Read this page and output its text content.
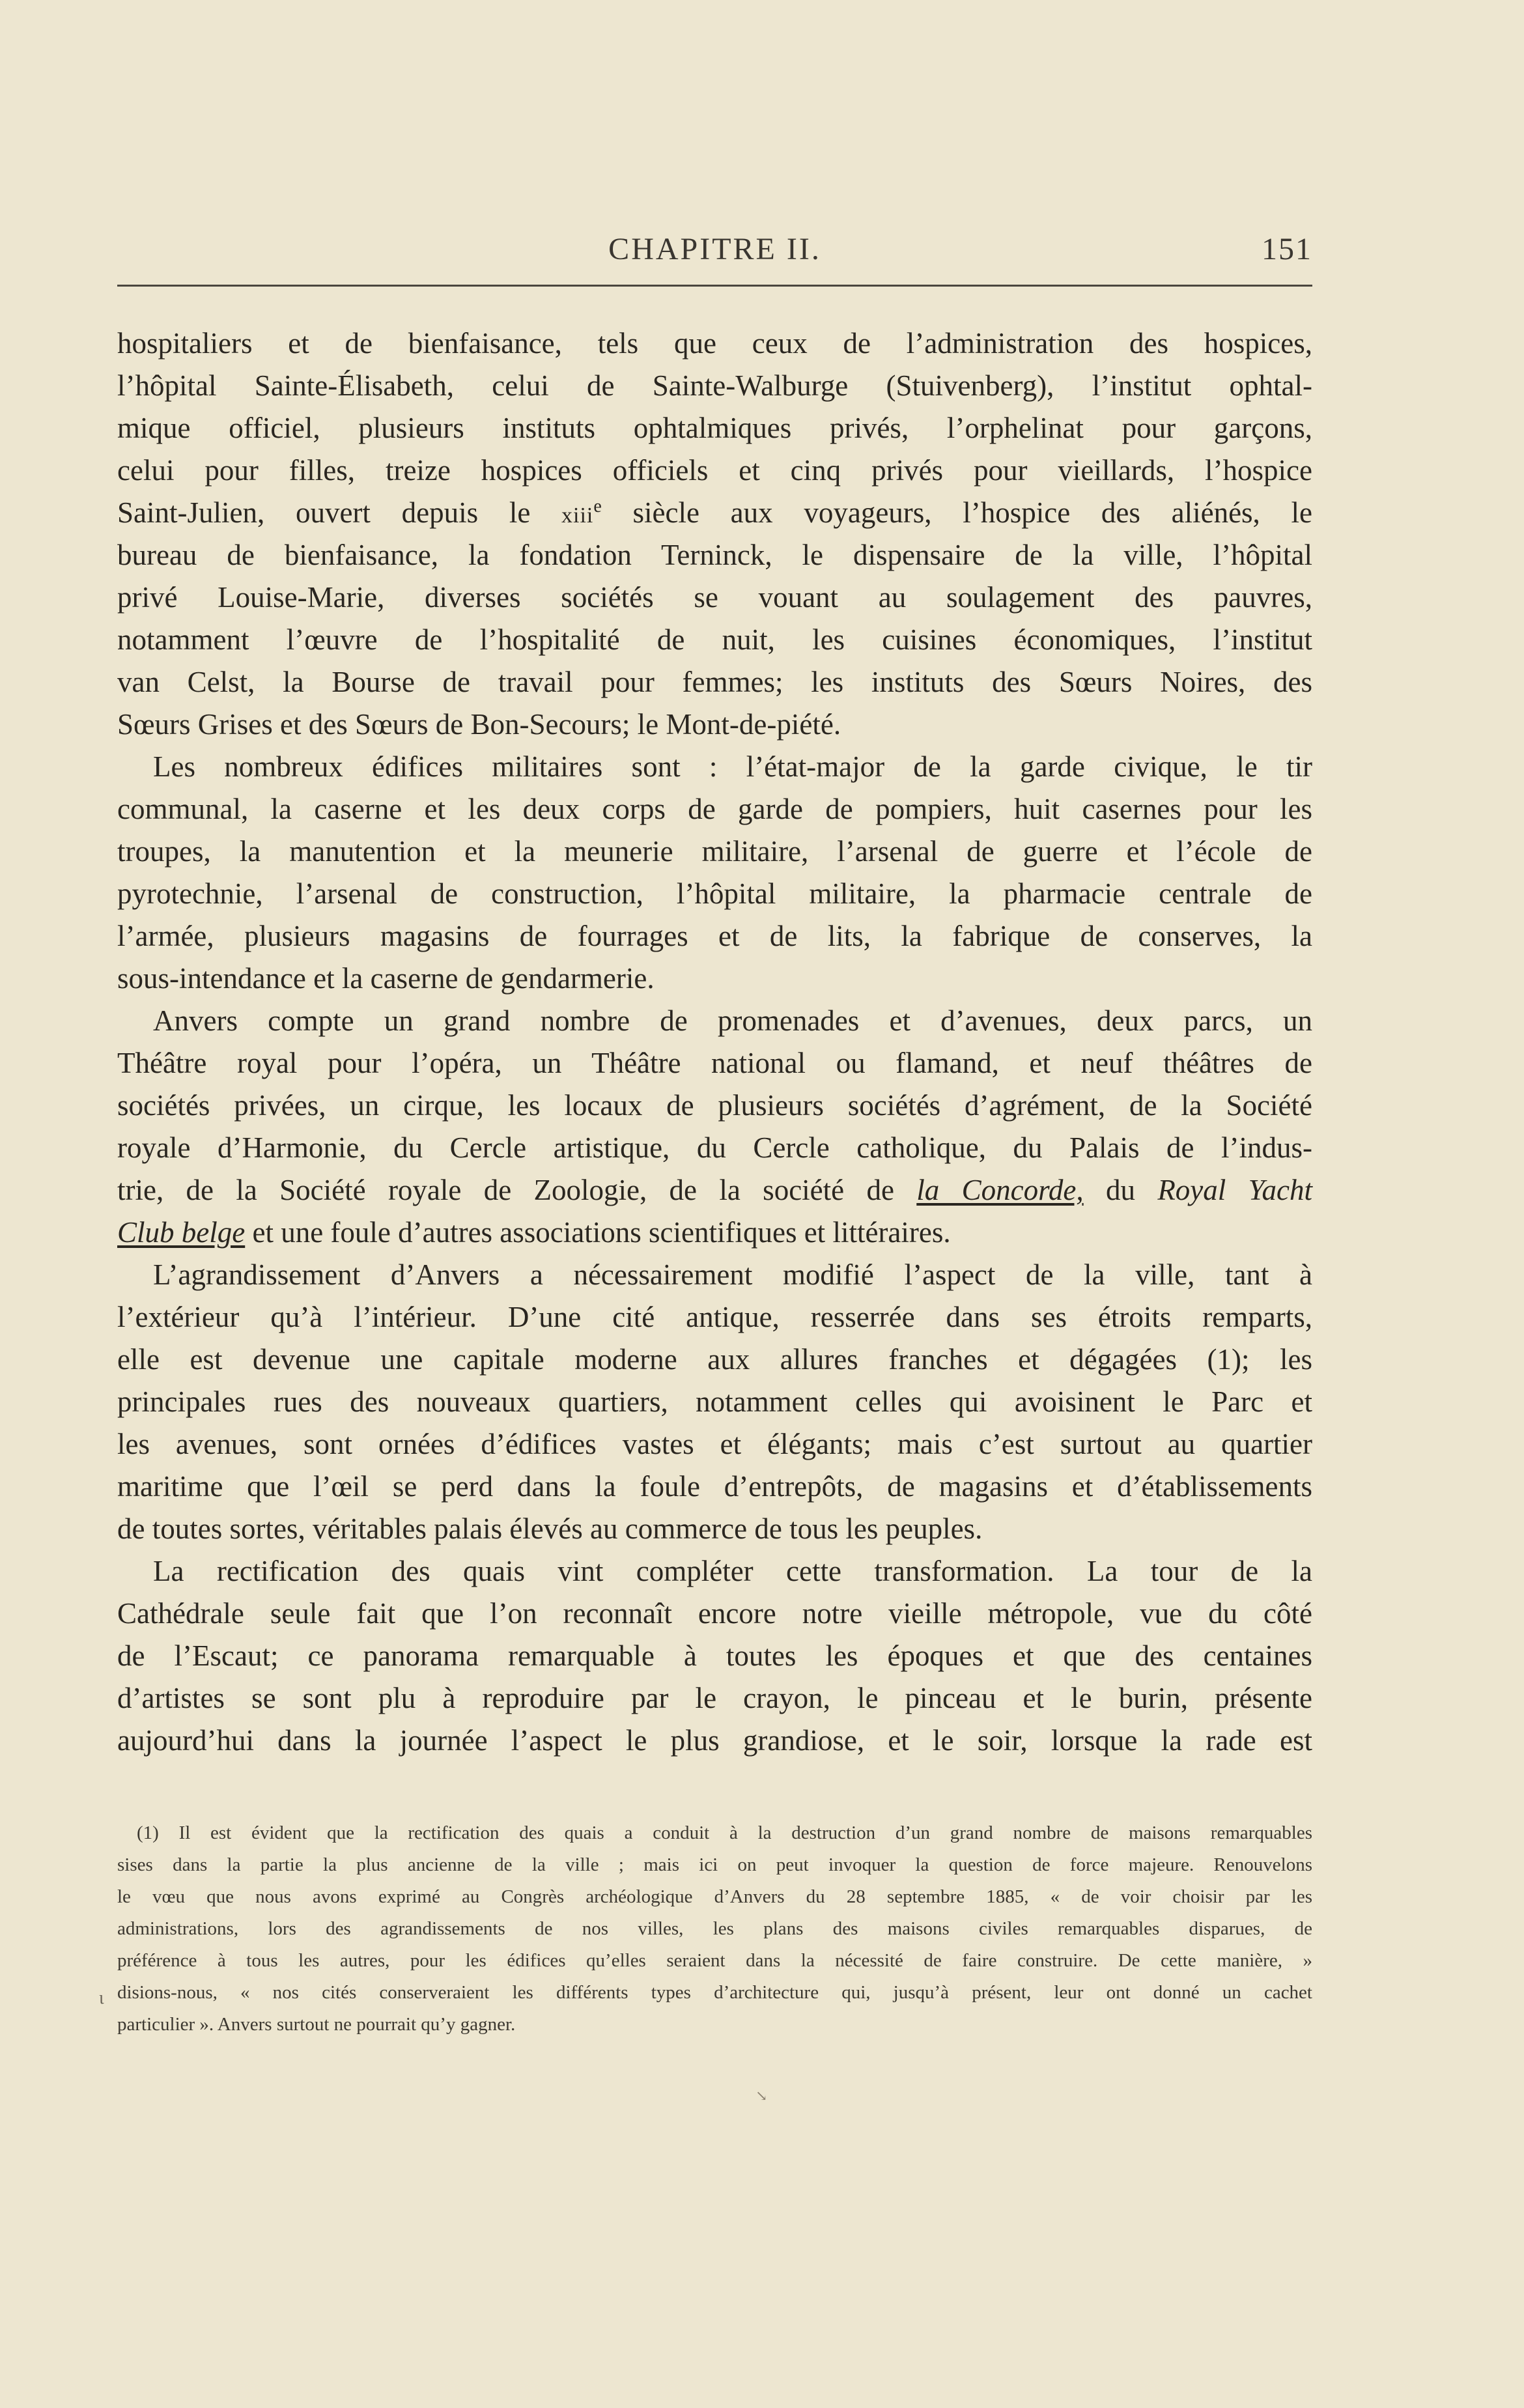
CHAPITRE II.	151
hospitaliers et de bienfaisance, tels que ceux de l’administration des hospices,
l’hôpital Sainte-Élisabeth, celui de Sainte-Walburge (Stuivenberg), l’institut ophtal-
mique officiel, plusieurs instituts ophtalmiques privés, l’orphelinat pour garçons,
celui pour filles, treize hospices officiels et cinq privés pour vieillards, l’hospice
Saint-Julien, ouvert depuis le xiii$^e$ siècle aux voyageurs, l’hospice des aliénés, le
bureau de bienfaisance, la fondation Terninck, le dispensaire de la ville, l’hôpital
privé Louise-Marie, diverses sociétés se vouant au soulagement des pauvres,
notamment l’œuvre de l’hospitalité de nuit, les cuisines économiques, l’institut
van Celst, la Bourse de travail pour femmes; les instituts des Sœurs Noires, des
Sœurs Grises et des Sœurs de Bon-Secours; le Mont-de-piété.
Les nombreux édifices militaires sont : l’état-major de la garde civique, le tir
communal, la caserne et les deux corps de garde de pompiers, huit casernes pour les
troupes, la manutention et la meunerie militaire, l’arsenal de guerre et l’école de
pyrotechnie, l’arsenal de construction, l’hôpital militaire, la pharmacie centrale de
l’armée, plusieurs magasins de fourrages et de lits, la fabrique de conserves, la
sous-intendance et la caserne de gendarmerie.
Anvers compte un grand nombre de promenades et d’avenues, deux parcs, un
Théâtre royal pour l’opéra, un Théâtre national ou flamand, et neuf théâtres de
sociétés privées, un cirque, les locaux de plusieurs sociétés d’agrément, de la Société
royale d’Harmonie, du Cercle artistique, du Cercle catholique, du Palais de l’indus-
trie, de la Société royale de Zoologie, de la société de la Concorde, du Royal Yacht
Club belge et une foule d’autres associations scientifiques et littéraires.
L’agrandissement d’Anvers a nécessairement modifié l’aspect de la ville, tant à
l’extérieur qu’à l’intérieur. D’une cité antique, resserrée dans ses étroits remparts,
elle est devenue une capitale moderne aux allures franches et dégagées (1); les
principales rues des nouveaux quartiers, notamment celles qui avoisinent le Parc et
les avenues, sont ornées d’édifices vastes et élégants; mais c’est surtout au quartier
maritime que l’œil se perd dans la foule d’entrepôts, de magasins et d’établissements
de toutes sortes, véritables palais élevés au commerce de tous les peuples.
La rectification des quais vint compléter cette transformation. La tour de la
Cathédrale seule fait que l’on reconnaît encore notre vieille métropole, vue du côté
de l’Escaut; ce panorama remarquable à toutes les époques et que des centaines
d’artistes se sont plu à reproduire par le crayon, le pinceau et le burin, présente
aujourd’hui dans la journée l’aspect le plus grandiose, et le soir, lorsque la rade est
(1) Il est évident que la rectification des quais a conduit à la destruction d’un grand nombre de maisons remarquables
sises dans la partie la plus ancienne de la ville ; mais ici on peut invoquer la question de force majeure. Renouvelons
le vœu que nous avons exprimé au Congrès archéologique d’Anvers du 28 septembre 1885, « de voir choisir par les
administrations, lors des agrandissements de nos villes, les plans des maisons civiles remarquables disparues, de
préférence à tous les autres, pour les édifices qu’elles seraient dans la nécessité de faire construire. De cette manière, »
disions-nous, « nos cités conserveraient les différents types d’architecture qui, jusqu’à présent, leur ont donné un cachet
particulier ». Anvers surtout ne pourrait qu’y gagner.
ι
↘
